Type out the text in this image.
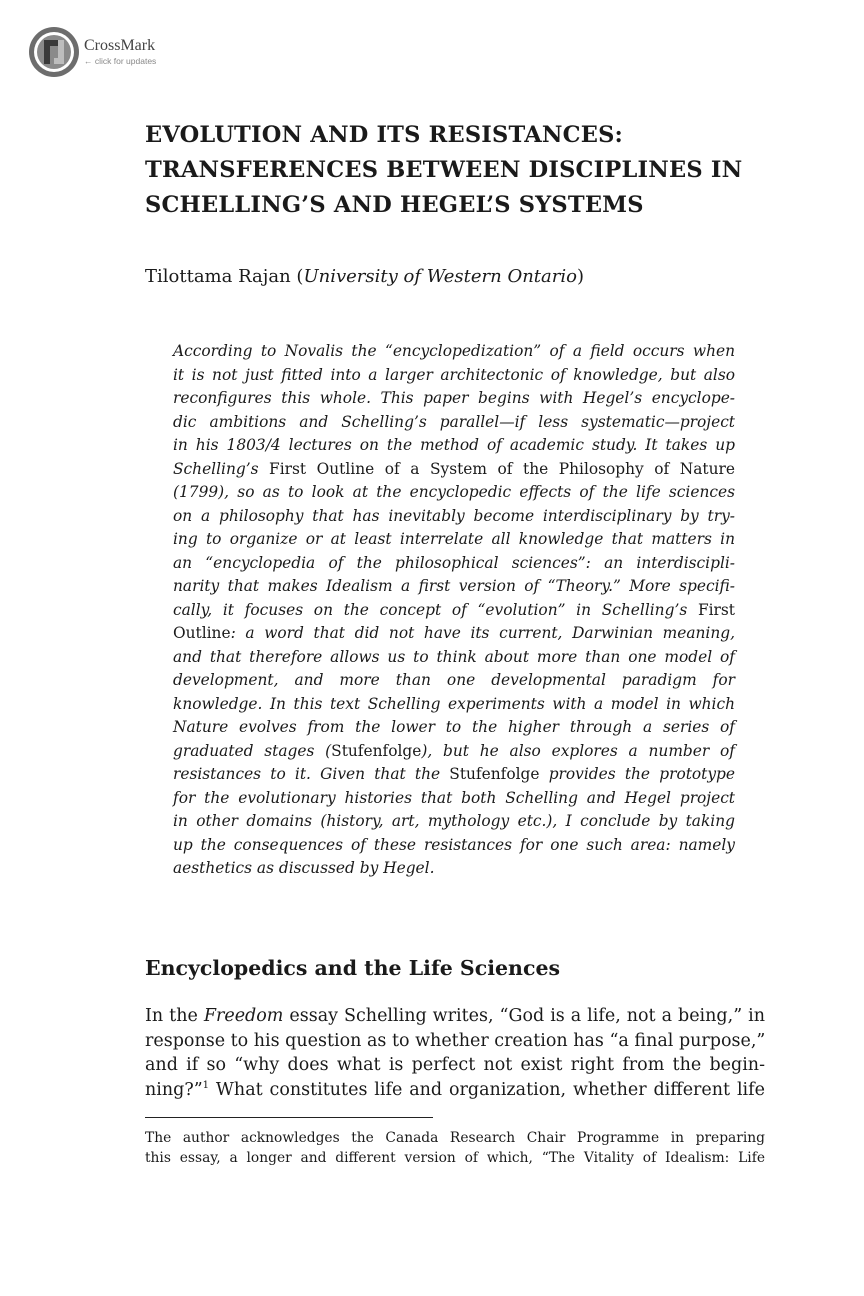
CrossMark
← click for updates
EVOLUTION AND ITS RESISTANCES:
TRANSFERENCES BETWEEN DISCIPLINES IN
SCHELLING’S AND HEGEL’S SYSTEMS

Tilottama Rajan (University of Western Ontario)

According to Novalis the “encyclopedization” of a field occurs when
it is not just fitted into a larger architectonic of knowledge, but also
reconfigures this whole. This paper begins with Hegel’s encyclope-
dic ambitions and Schelling’s parallel—if less systematic—project
in his 1803/4 lectures on the method of academic study. It takes up
Schelling’s First Outline of a System of the Philosophy of Nature
(1799), so as to look at the encyclopedic effects of the life sciences
on a philosophy that has inevitably become interdisciplinary by try-
ing to organize or at least interrelate all knowledge that matters in
an “encyclopedia of the philosophical sciences”: an interdiscipli-
narity that makes Idealism a first version of “Theory.” More specifi-
cally, it focuses on the concept of “evolution” in Schelling’s First
Outline: a word that did not have its current, Darwinian meaning,
and that therefore allows us to think about more than one model of
development, and more than one developmental paradigm for
knowledge. In this text Schelling experiments with a model in which
Nature evolves from the lower to the higher through a series of
graduated stages (Stufenfolge), but he also explores a number of
resistances to it. Given that the Stufenfolge provides the prototype
for the evolutionary histories that both Schelling and Hegel project
in other domains (history, art, mythology etc.), I conclude by taking
up the consequences of these resistances for one such area: namely
aesthetics as discussed by Hegel.
Encyclopedics and the Life Sciences

In the Freedom essay Schelling writes, “God is a life, not a being,” in
response to his question as to whether creation has “a final purpose,”
and if so “why does what is perfect not exist right from the begin-
ning?”$^1$ What constitutes life and organization, whether different life

The author acknowledges the Canada Research Chair Programme in preparing
this essay, a longer and different version of which, “The Vitality of Idealism: Life
